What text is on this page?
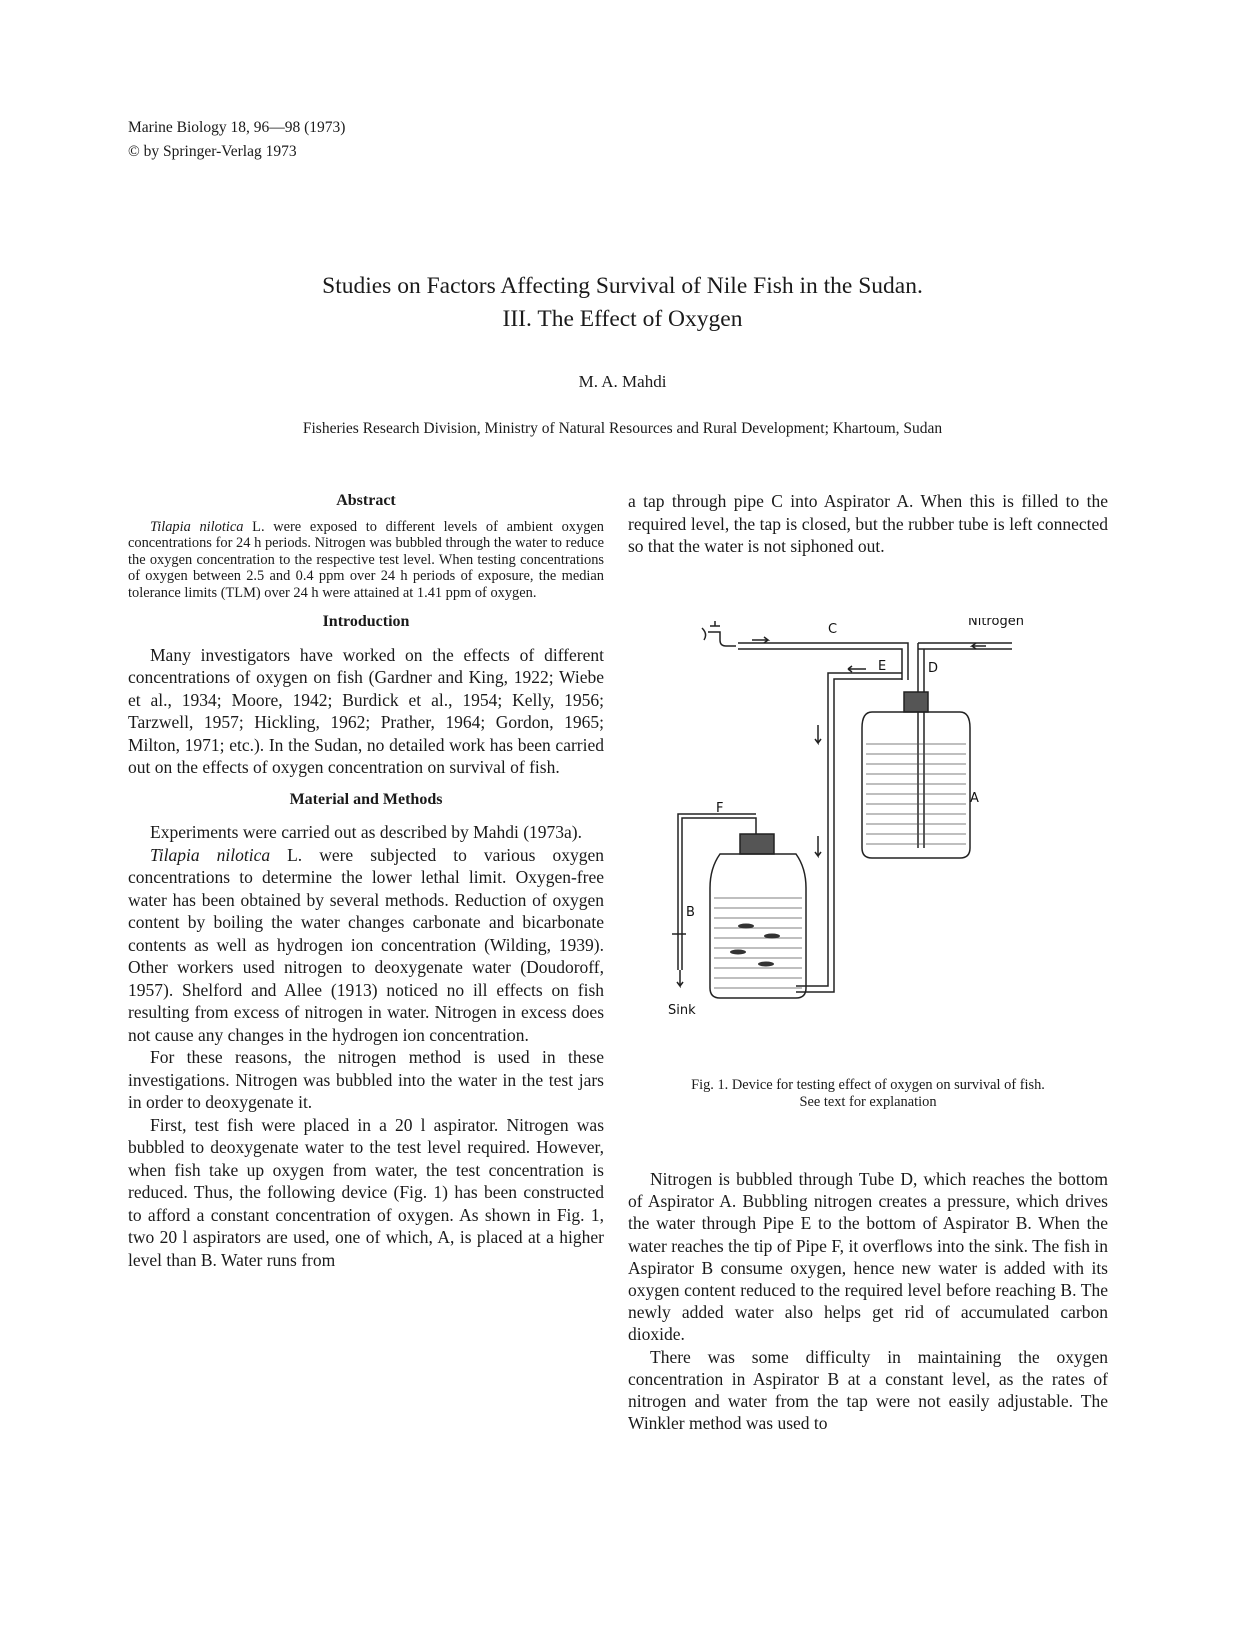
Marine Biology 18, 96—98 (1973)
© by Springer-Verlag 1973
Studies on Factors Affecting Survival of Nile Fish in the Sudan.
III. The Effect of Oxygen
M. A. Mahdi
Fisheries Research Division, Ministry of Natural Resources and Rural Development; Khartoum, Sudan
Abstract

Tilapia nilotica L. were exposed to different levels of ambient oxygen concentrations for 24 h periods. Nitrogen was bubbled through the water to reduce the oxygen concentration to the respective test level. When testing concentrations of oxygen between 2.5 and 0.4 ppm over 24 h periods of exposure, the median tolerance limits (TLM) over 24 h were attained at 1.41 ppm of oxygen.

Introduction

Many investigators have worked on the effects of different concentrations of oxygen on fish (Gardner and King, 1922; Wiebe et al., 1934; Moore, 1942; Burdick et al., 1954; Kelly, 1956; Tarzwell, 1957; Hickling, 1962; Prather, 1964; Gordon, 1965; Milton, 1971; etc.). In the Sudan, no detailed work has been carried out on the effects of oxygen concentration on survival of fish.

Material and Methods

Experiments were carried out as described by Mahdi (1973a).

Tilapia nilotica L. were subjected to various oxygen concentrations to determine the lower lethal limit. Oxygen-free water has been obtained by several methods. Reduction of oxygen content by boiling the water changes carbonate and bicarbonate contents as well as hydrogen ion concentration (Wilding, 1939). Other workers used nitrogen to deoxygenate water (Doudoroff, 1957). Shelford and Allee (1913) noticed no ill effects on fish resulting from excess of nitrogen in water. Nitrogen in excess does not cause any changes in the hydrogen ion concentration.

For these reasons, the nitrogen method is used in these investigations. Nitrogen was bubbled into the water in the test jars in order to deoxygenate it.

First, test fish were placed in a 20 l aspirator. Nitrogen was bubbled to deoxygenate water to the test level required. However, when fish take up oxygen from water, the test concentration is reduced. Thus, the following device (Fig. 1) has been constructed to afford a constant concentration of oxygen. As shown in Fig. 1, two 20 l aspirators are used, one of which, A, is placed at a higher level than B. Water runs from

a tap through pipe C into Aspirator A. When this is filled to the required level, the tap is closed, but the rubber tube is left connected so that the water is not siphoned out.

Nitrogen
C
D
E
A
F
B
Sink
Fig. 1. Device for testing effect of oxygen on survival of fish.
See text for explanation

Nitrogen is bubbled through Tube D, which reaches the bottom of Aspirator A. Bubbling nitrogen creates a pressure, which drives the water through Pipe E to the bottom of Aspirator B. When the water reaches the tip of Pipe F, it overflows into the sink. The fish in Aspirator B consume oxygen, hence new water is added with its oxygen content reduced to the required level before reaching B. The newly added water also helps get rid of accumulated carbon dioxide.

There was some difficulty in maintaining the oxygen concentration in Aspirator B at a constant level, as the rates of nitrogen and water from the tap were not easily adjustable. The Winkler method was used to
